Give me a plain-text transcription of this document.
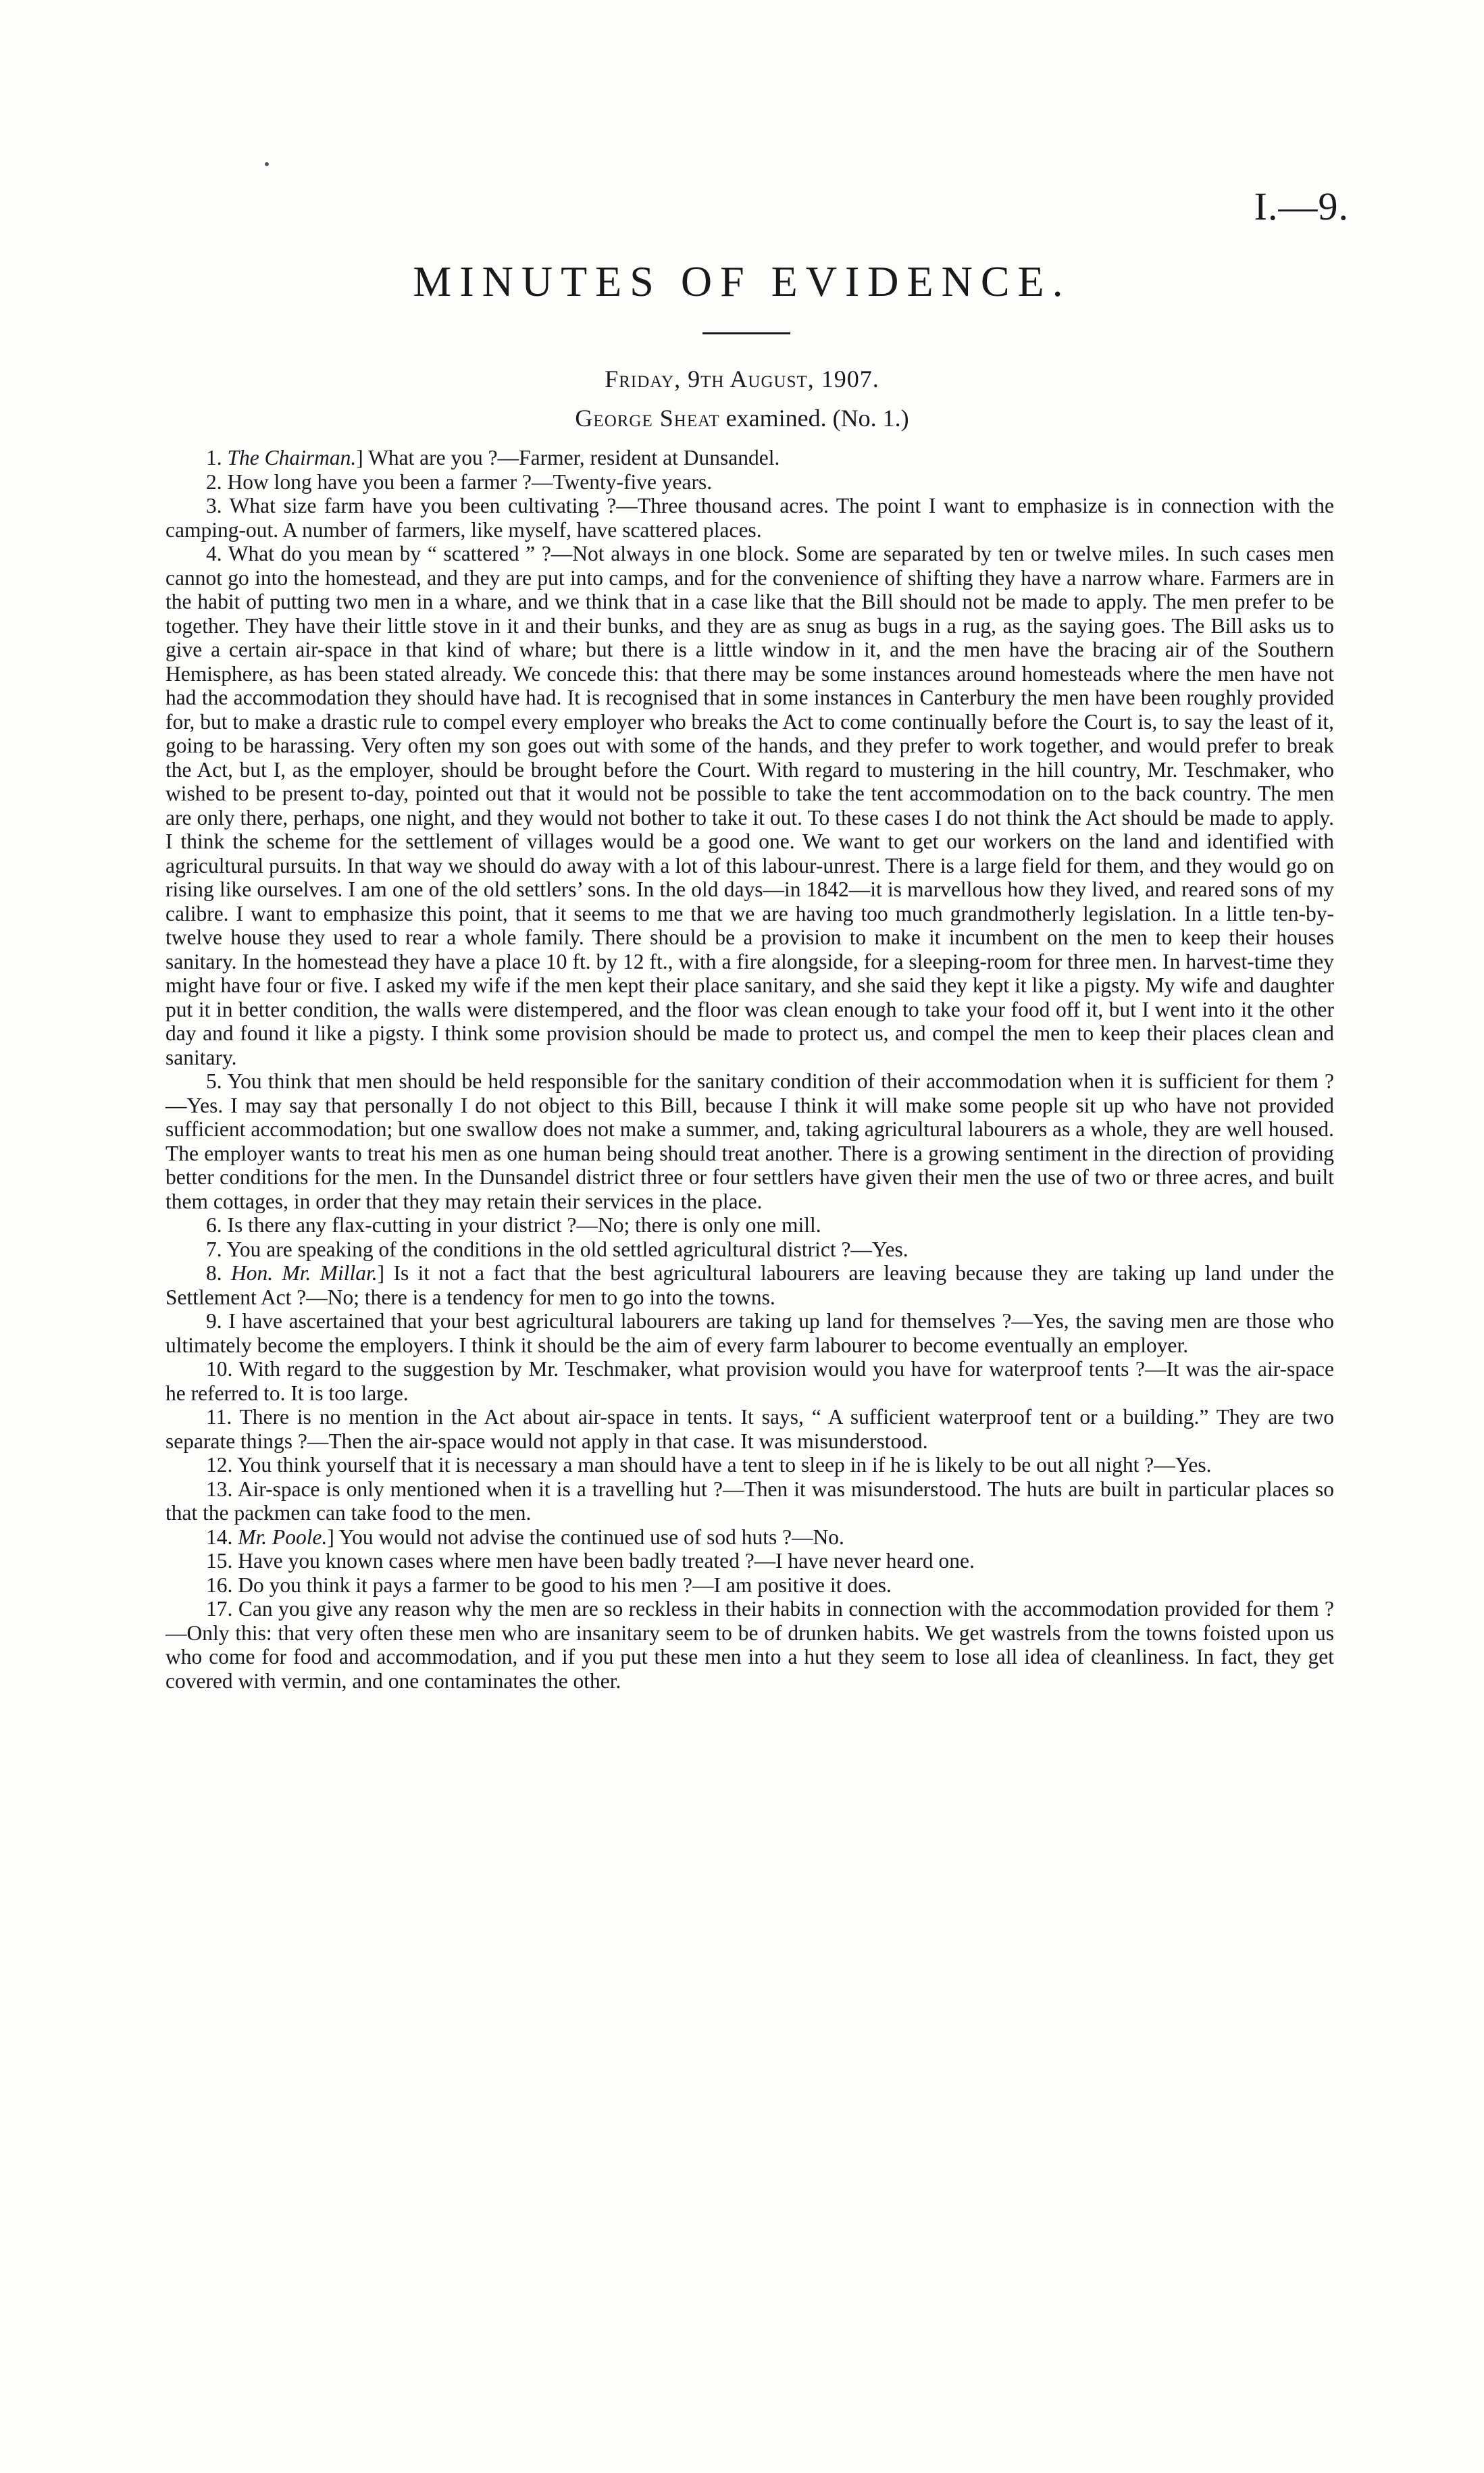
I.—9.
MINUTES OF EVIDENCE.
Friday, 9th August, 1907.
George Sheat examined. (No. 1.)

1. The Chairman.] What are you ?—Farmer, resident at Dunsandel.

2. How long have you been a farmer ?—Twenty-five years.

3. What size farm have you been cultivating ?—Three thousand acres. The point I want to emphasize is in connection with the camping-out. A number of farmers, like myself, have scattered places.

4. What do you mean by “ scattered ” ?—Not always in one block. Some are separated by ten or twelve miles. In such cases men cannot go into the homestead, and they are put into camps, and for the convenience of shifting they have a narrow whare. Farmers are in the habit of putting two men in a whare, and we think that in a case like that the Bill should not be made to apply. The men prefer to be together. They have their little stove in it and their bunks, and they are as snug as bugs in a rug, as the saying goes. The Bill asks us to give a certain air-space in that kind of whare; but there is a little window in it, and the men have the bracing air of the Southern Hemisphere, as has been stated already. We concede this: that there may be some instances around homesteads where the men have not had the accommodation they should have had. It is recognised that in some instances in Canterbury the men have been roughly provided for, but to make a drastic rule to compel every employer who breaks the Act to come continually before the Court is, to say the least of it, going to be harassing. Very often my son goes out with some of the hands, and they prefer to work together, and would prefer to break the Act, but I, as the employer, should be brought before the Court. With regard to mustering in the hill country, Mr. Teschmaker, who wished to be present to-day, pointed out that it would not be possible to take the tent accommodation on to the back country. The men are only there, perhaps, one night, and they would not bother to take it out. To these cases I do not think the Act should be made to apply. I think the scheme for the settlement of villages would be a good one. We want to get our workers on the land and identified with agricultural pursuits. In that way we should do away with a lot of this labour-unrest. There is a large field for them, and they would go on rising like ourselves. I am one of the old settlers’ sons. In the old days—in 1842—it is marvellous how they lived, and reared sons of my calibre. I want to emphasize this point, that it seems to me that we are having too much grandmotherly legislation. In a little ten-by-twelve house they used to rear a whole family. There should be a provision to make it incumbent on the men to keep their houses sanitary. In the homestead they have a place 10 ft. by 12 ft., with a fire alongside, for a sleeping-room for three men. In harvest-time they might have four or five. I asked my wife if the men kept their place sanitary, and she said they kept it like a pigsty. My wife and daughter put it in better condition, the walls were distempered, and the floor was clean enough to take your food off it, but I went into it the other day and found it like a pigsty. I think some provision should be made to protect us, and compel the men to keep their places clean and sanitary.

5. You think that men should be held responsible for the sanitary condition of their accommodation when it is sufficient for them ?—Yes. I may say that personally I do not object to this Bill, because I think it will make some people sit up who have not provided sufficient accommodation; but one swallow does not make a summer, and, taking agricultural labourers as a whole, they are well housed. The employer wants to treat his men as one human being should treat another. There is a growing sentiment in the direction of providing better conditions for the men. In the Dunsandel district three or four settlers have given their men the use of two or three acres, and built them cottages, in order that they may retain their services in the place.

6. Is there any flax-cutting in your district ?—No; there is only one mill.

7. You are speaking of the conditions in the old settled agricultural district ?—Yes.

8. Hon. Mr. Millar.] Is it not a fact that the best agricultural labourers are leaving because they are taking up land under the Settlement Act ?—No; there is a tendency for men to go into the towns.

9. I have ascertained that your best agricultural labourers are taking up land for themselves ?—Yes, the saving men are those who ultimately become the employers. I think it should be the aim of every farm labourer to become eventually an employer.

10. With regard to the suggestion by Mr. Teschmaker, what provision would you have for waterproof tents ?—It was the air-space he referred to. It is too large.

11. There is no mention in the Act about air-space in tents. It says, “ A sufficient waterproof tent or a building.” They are two separate things ?—Then the air-space would not apply in that case. It was misunderstood.

12. You think yourself that it is necessary a man should have a tent to sleep in if he is likely to be out all night ?—Yes.

13. Air-space is only mentioned when it is a travelling hut ?—Then it was misunderstood. The huts are built in particular places so that the packmen can take food to the men.

14. Mr. Poole.] You would not advise the continued use of sod huts ?—No.

15. Have you known cases where men have been badly treated ?—I have never heard one.

16. Do you think it pays a farmer to be good to his men ?—I am positive it does.

17. Can you give any reason why the men are so reckless in their habits in connection with the accommodation provided for them ?—Only this: that very often these men who are insanitary seem to be of drunken habits. We get wastrels from the towns foisted upon us who come for food and accommodation, and if you put these men into a hut they seem to lose all idea of cleanliness. In fact, they get covered with vermin, and one contaminates the other.
